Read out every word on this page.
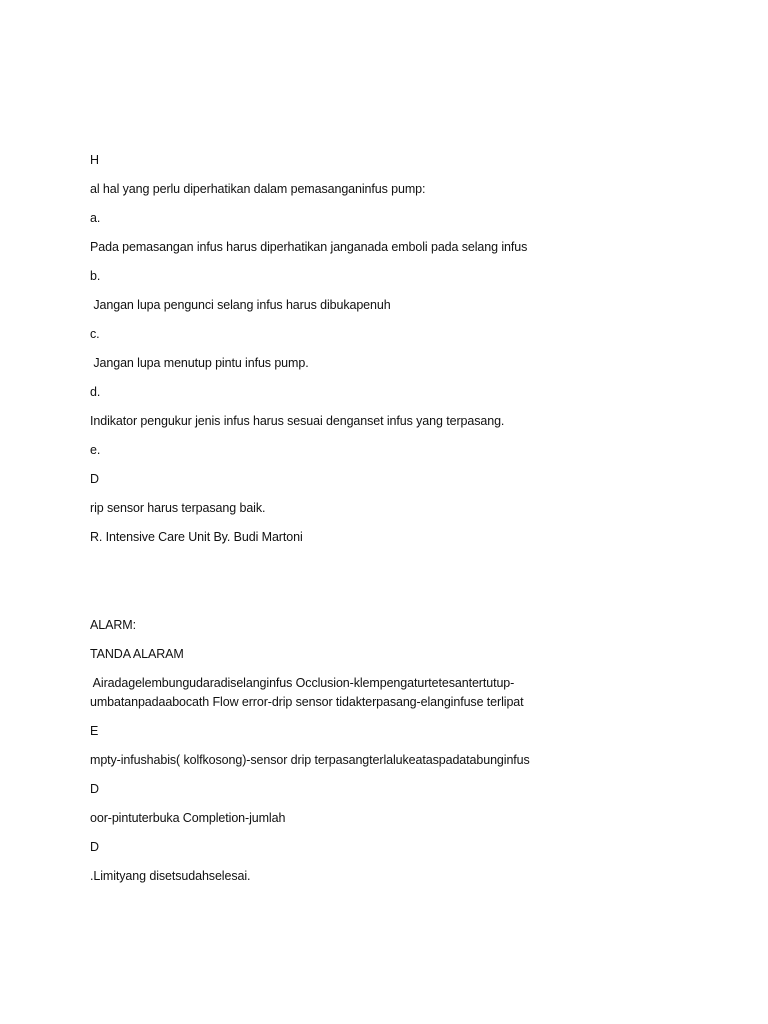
H
al hal yang perlu diperhatikan dalam pemasanganinfus pump:
a.
Pada pemasangan infus harus diperhatikan janganada emboli pada selang infus
b.
Jangan lupa pengunci selang infus harus dibukapenuh
c.
Jangan lupa menutup pintu infus pump.
d.
Indikator pengukur jenis infus harus sesuai denganset infus yang terpasang.
e.
D
rip sensor harus terpasang baik.
R. Intensive Care Unit By. Budi Martoni
ALARM:
TANDA ALARAM
Airadagelembungudaradiselanginfus Occlusion-klempengaturtetesantertutup-
umbatanpadaabocath Flow error-drip sensor tidakterpasang-elanginfuse terlipat
E
mpty-infushabis( kolfkosong)-sensor drip terpasangterlalukeataspadatabunginfus
D
oor-pintuterbuka Completion-jumlah
D
.Limityang disetsudahselesai.
